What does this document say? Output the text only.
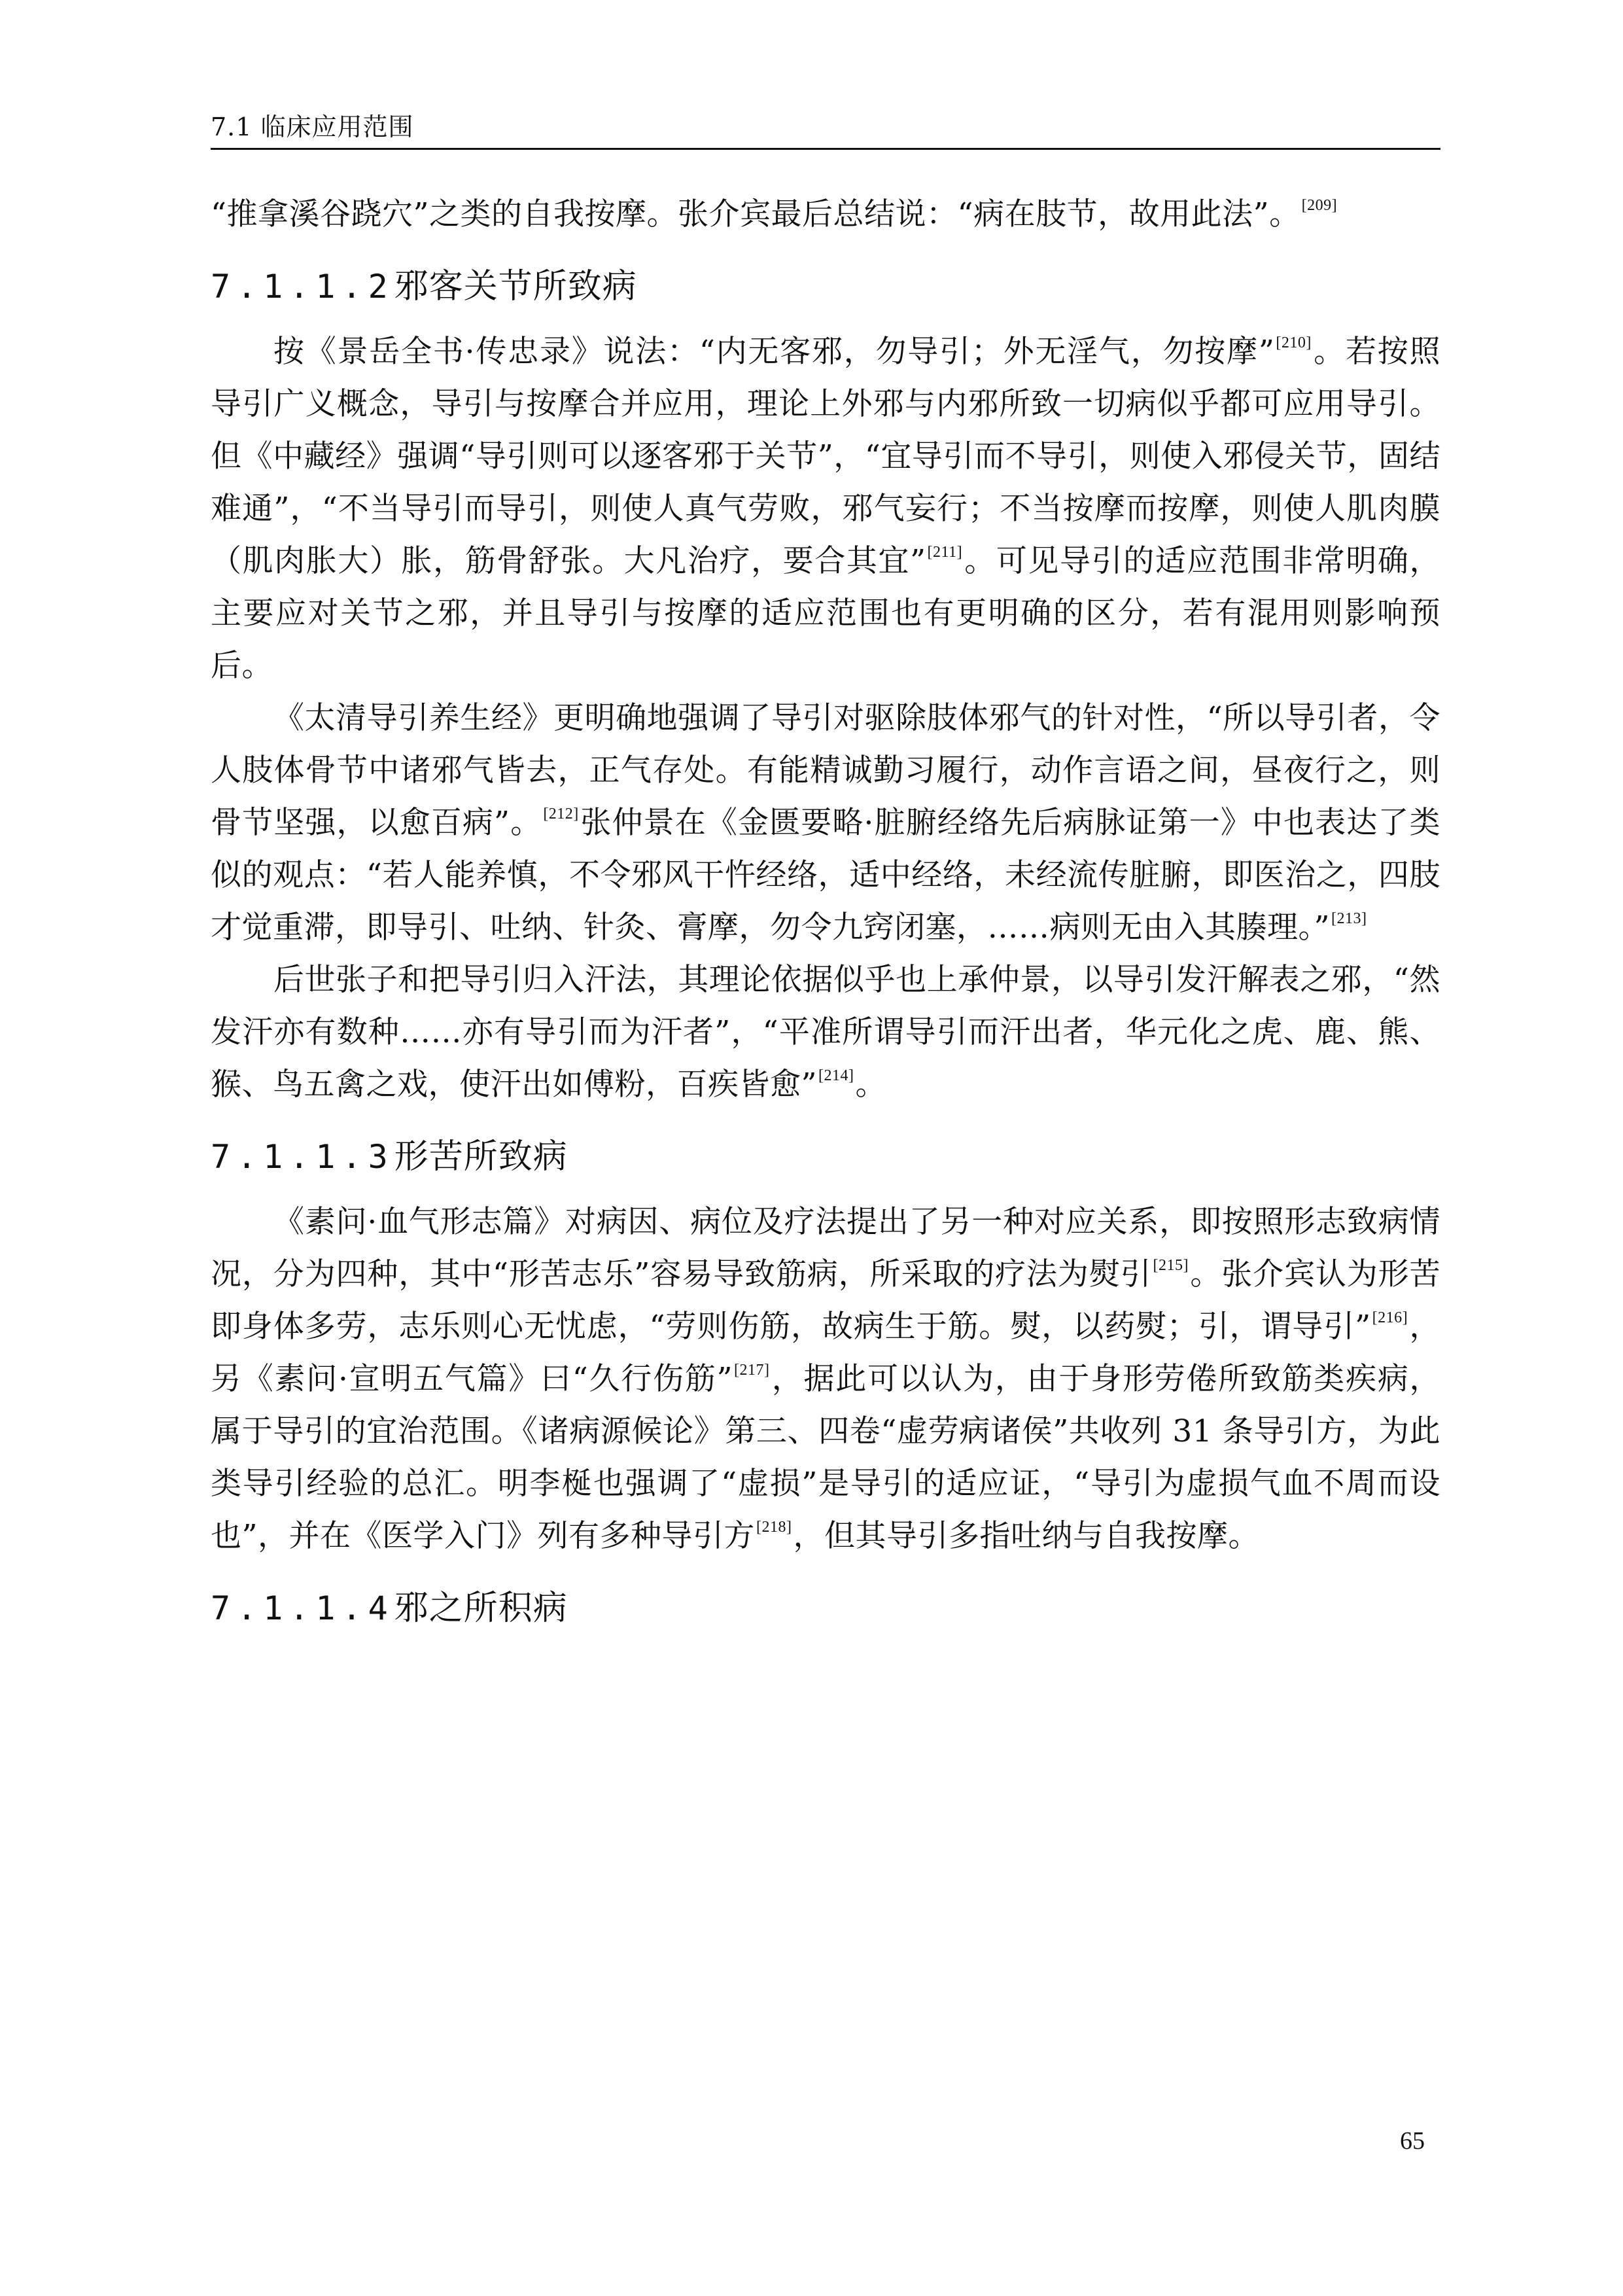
7.1 临床应用范围

“推拿溪谷跷穴”之类的自我按摩。张介宾最后总结说：“病在肢节，故用此法”。[209]

7.1.1.2邪客关节所致病

按《景岳全书·传忠录》说法：“内无客邪，勿导引；外无淫气，勿按摩”[210]。若按照导引广义概念，导引与按摩合并应用，理论上外邪与内邪所致一切病似乎都可应用导引。但《中藏经》强调“导引则可以逐客邪于关节”，“宜导引而不导引，则使入邪侵关节，固结难通”，“不当导引而导引，则使人真气劳败，邪气妄行；不当按摩而按摩，则使人肌肉膜（肌肉胀大）胀，筋骨舒张。大凡治疗，要合其宜”[211]。可见导引的适应范围非常明确，主要应对关节之邪，并且导引与按摩的适应范围也有更明确的区分，若有混用则影响预后。

《太清导引养生经》更明确地强调了导引对驱除肢体邪气的针对性，“所以导引者，令人肢体骨节中诸邪气皆去，正气存处。有能精诚勤习履行，动作言语之间，昼夜行之，则骨节坚强，以愈百病”。[212]张仲景在《金匮要略·脏腑经络先后病脉证第一》中也表达了类似的观点：“若人能养慎，不令邪风干忤经络，适中经络，未经流传脏腑，即医治之，四肢才觉重滞，即导引、吐纳、针灸、膏摩，勿令九窍闭塞，……病则无由入其腠理。”[213]

后世张子和把导引归入汗法，其理论依据似乎也上承仲景，以导引发汗解表之邪，“然发汗亦有数种……亦有导引而为汗者”，“平准所谓导引而汗出者，华元化之虎、鹿、熊、猴、鸟五禽之戏，使汗出如傅粉，百疾皆愈”[214]。

7.1.1.3形苦所致病

《素问·血气形志篇》对病因、病位及疗法提出了另一种对应关系，即按照形志致病情况，分为四种，其中“形苦志乐”容易导致筋病，所采取的疗法为熨引[215]。张介宾认为形苦即身体多劳，志乐则心无忧虑，“劳则伤筋，故病生于筋。熨，以药熨；引，谓导引”[216]，另《素问·宣明五气篇》曰“久行伤筋”[217]，据此可以认为，由于身形劳倦所致筋类疾病，属于导引的宜治范围。《诸病源候论》第三、四卷“虚劳病诸侯”共收列 31 条导引方，为此类导引经验的总汇。明李梴也强调了“虚损”是导引的适应证，“导引为虚损气血不周而设也”，并在《医学入门》列有多种导引方[218]，但其导引多指吐纳与自我按摩。

7.1.1.4邪之所积病
65
